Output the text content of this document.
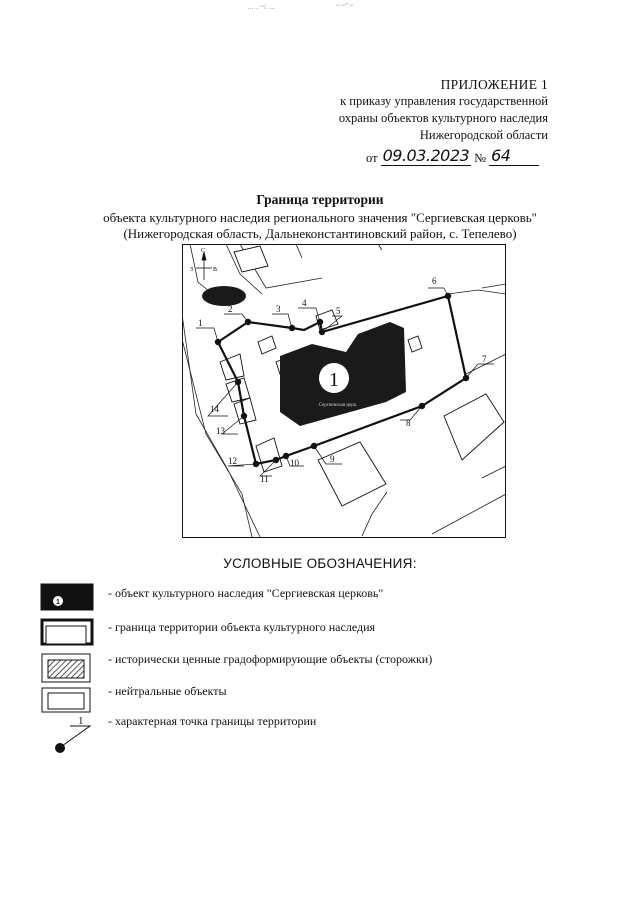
... .. ~/. ...	~ ~'' ~
ПРИЛОЖЕНИЕ 1
к приказу управления государственной
охраны объектов культурного наследия
Нижегородской области
от 09.03.2023 № 64
Граница территории
объекта культурного наследия регионального значения "Сергиевская церковь"
(Нижегородская область, Дальнеконстантиновский район, с. Тепелево)
С
З	В
1
Сергиевская церк.
1
2	3
4
5
6
7
8
9
10
11
12
13
14
УСЛОВНЫЕ ОБОЗНАЧЕНИЯ:
1
- объект культурного наследия "Сергиевская церковь"
- граница территории объекта культурного наследия
- исторически ценные градоформирующие объекты (сторожки)
- нейтральные объекты
1 - характерная точка границы территории
